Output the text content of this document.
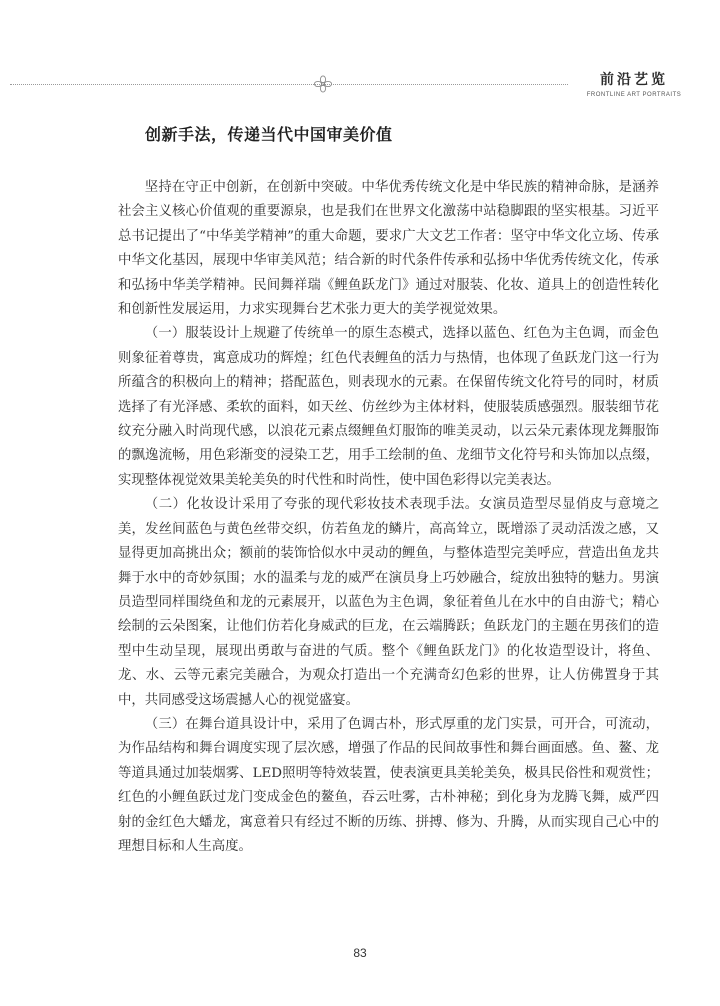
前沿艺览
FRONTLINE ART PORTRAITS
创新手法，传递当代中国审美价值

坚持在守正中创新，在创新中突破。中华优秀传统文化是中华民族的精神命脉，是涵养社会主义核心价值观的重要源泉，也是我们在世界文化激荡中站稳脚跟的坚实根基。习近平总书记提出了“中华美学精神”的重大命题，要求广大文艺工作者：坚守中华文化立场、传承中华文化基因，展现中华审美风范；结合新的时代条件传承和弘扬中华优秀传统文化，传承和弘扬中华美学精神。民间舞祥瑞《鲤鱼跃龙门》通过对服装、化妆、道具上的创造性转化和创新性发展运用，力求实现舞台艺术张力更大的美学视觉效果。

（一）服装设计上规避了传统单一的原生态模式，选择以蓝色、红色为主色调，而金色则象征着尊贵，寓意成功的辉煌；红色代表鲤鱼的活力与热情，也体现了鱼跃龙门这一行为所蕴含的积极向上的精神；搭配蓝色，则表现水的元素。在保留传统文化符号的同时，材质选择了有光泽感、柔软的面料，如天丝、仿丝纱为主体材料，使服装质感强烈。服装细节花纹充分融入时尚现代感，以浪花元素点缀鲤鱼灯服饰的唯美灵动，以云朵元素体现龙舞服饰的飘逸流畅，用色彩渐变的浸染工艺，用手工绘制的鱼、龙细节文化符号和头饰加以点缀，实现整体视觉效果美轮美奂的时代性和时尚性，使中国色彩得以完美表达。

（二）化妆设计采用了夸张的现代彩妆技术表现手法。女演员造型尽显俏皮与意境之美，发丝间蓝色与黄色丝带交织，仿若鱼龙的鳞片，高高耸立，既增添了灵动活泼之感，又显得更加高挑出众；额前的装饰恰似水中灵动的鲤鱼，与整体造型完美呼应，营造出鱼龙共舞于水中的奇妙氛围；水的温柔与龙的威严在演员身上巧妙融合，绽放出独特的魅力。男演员造型同样围绕鱼和龙的元素展开，以蓝色为主色调，象征着鱼儿在水中的自由游弋；精心绘制的云朵图案，让他们仿若化身威武的巨龙，在云端腾跃；鱼跃龙门的主题在男孩们的造型中生动呈现，展现出勇敢与奋进的气质。整个《鲤鱼跃龙门》的化妆造型设计，将鱼、龙、水、云等元素完美融合，为观众打造出一个充满奇幻色彩的世界，让人仿佛置身于其中，共同感受这场震撼人心的视觉盛宴。

（三）在舞台道具设计中，采用了色调古朴，形式厚重的龙门实景，可开合，可流动，为作品结构和舞台调度实现了层次感，增强了作品的民间故事性和舞台画面感。鱼、鳌、龙等道具通过加装烟雾、LED照明等特效装置，使表演更具美轮美奂，极具民俗性和观赏性；红色的小鲤鱼跃过龙门变成金色的鳌鱼，吞云吐雾，古朴神秘；到化身为龙腾飞舞，威严四射的金红色大蟠龙，寓意着只有经过不断的历练、拼搏、修为、升腾，从而实现自己心中的理想目标和人生高度。

83
